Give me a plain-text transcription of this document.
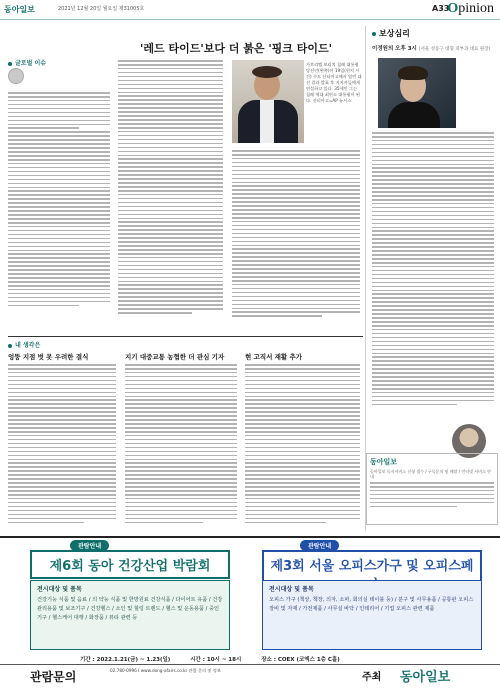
동아일보	2021년 12월 20일 월요일 제31005호	A33
Opinion
'레드 타이드'보다 더 붉은 '핑크 타이드'
글로벌 이슈	가브리엘 보리치 칠레 대통령 당선인(왼쪽)이 19일(현지 시간) 수도 산티아고에서 열린 대선 결과 발표 후 지지자들에게 연설하고 있다. 35세인 그는 칠레 역대 최연소 대통령이 된다. 산티아고=AP 뉴시스
보상심리
이정원의 오후 3시 (서울 성동구 대형 피부과 대표 원장)
동아일보
동아일보 독자서비스 신청 접수 / 구독문의 및 배달 / 인터넷 서비스 안내
내 생각은
엉뚱 지점 벗 못 우려한 결식	지기 대중교통 농협한 더 관심 기자	현 고직서 재활 추가
관람안내	관람안내
제6회 동아 건강산업 박람회	제3회 서울 오피스가구 및 오피스페
전시대상 및 품목
건강기능 식품 및 음료 / 의 약능 식품 및 한방원료 건강식품 / 다이어트 유품 / 건강관리용품 및 보조기구 / 건강헬스 / 소인 및 힐링 트렌드 / 헬스 및 운동용품 / 중인 기구 / 헬스케어 대행 / 화장품 / 뷰티 관련 등
전시대상 및 품목
오피스 가구 (책상, 책장, 의자, 소파, 회의실 테이블 등) / 분구 및 사무용품 / 공통판 오피스 장비 및 자재 / 가전제품 / 사무실 바닥 / 인테리어 / 기업 오피스 관련 제품
기간 : 2022.1.21(금) ~ 1.23(일)	시간 : 10시 ~ 18시	장소 : COEX (코엑스 1층 C홀)
관람문의	02.780-0996 I www.dong-afairs.co.kr 관람 문의 및 정보
주최 동아일보
